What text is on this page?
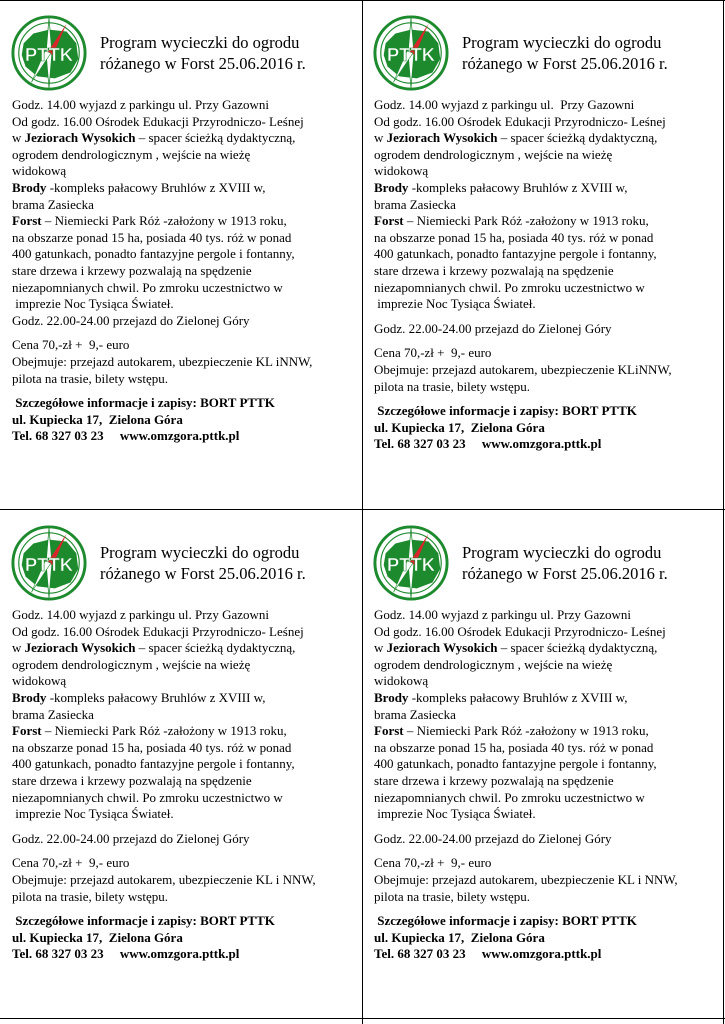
PTTK
Program wycieczki do ogrodu
różanego w Forst 25.06.2016 r.

Godz. 14.00 wyjazd z parkingu ul. Przy Gazowni

Od godz. 16.00 Ośrodek Edukacji Przyrodniczo- Leśnej

w Jeziorach Wysokich – spacer ścieżką dydaktyczną,

ogrodem dendrologicznym , wejście na wieżę

widokową

Brody -kompleks pałacowy Bruhlów z XVIII w,

brama Zasiecka

Forst – Niemiecki Park Róż -założony w 1913 roku,

na obszarze ponad 15 ha, posiada 40 tys. róż w ponad

400 gatunkach, ponadto fantazyjne pergole i fontanny,

stare drzewa i krzewy pozwalają na spędzenie

niezapomnianych chwil. Po zmroku uczestnictwo w

imprezie Noc Tysiąca Świateł.

Godz. 22.00-24.00 przejazd do Zielonej Góry

Cena 70,-zł +  9,- euro

Obejmuje: przejazd autokarem, ubezpieczenie KL iNNW,

pilota na trasie, bilety wstępu.

Szczegółowe informacje i zapisy: BORT PTTK

ul. Kupiecka 17,  Zielona Góra

Tel. 68 327 03 23     www.omzgora.pttk.pl

PTTK
Program wycieczki do ogrodu
różanego w Forst 25.06.2016 r.

Godz. 14.00 wyjazd z parkingu ul.  Przy Gazowni

Od godz. 16.00 Ośrodek Edukacji Przyrodniczo- Leśnej

w Jeziorach Wysokich – spacer ścieżką dydaktyczną,

ogrodem dendrologicznym , wejście na wieżę

widokową

Brody -kompleks pałacowy Bruhlów z XVIII w,

brama Zasiecka

Forst – Niemiecki Park Róż -założony w 1913 roku,

na obszarze ponad 15 ha, posiada 40 tys. róż w ponad

400 gatunkach, ponadto fantazyjne pergole i fontanny,

stare drzewa i krzewy pozwalają na spędzenie

niezapomnianych chwil. Po zmroku uczestnictwo w

imprezie Noc Tysiąca Świateł.

Godz. 22.00-24.00 przejazd do Zielonej Góry

Cena 70,-zł +  9,- euro

Obejmuje: przejazd autokarem, ubezpieczenie KLiNNW,

pilota na trasie, bilety wstępu.

Szczegółowe informacje i zapisy: BORT PTTK

ul. Kupiecka 17,  Zielona Góra

Tel. 68 327 03 23     www.omzgora.pttk.pl

PTTK
Program wycieczki do ogrodu
różanego w Forst 25.06.2016 r.

Godz. 14.00 wyjazd z parkingu ul. Przy Gazowni

Od godz. 16.00 Ośrodek Edukacji Przyrodniczo- Leśnej

w Jeziorach Wysokich – spacer ścieżką dydaktyczną,

ogrodem dendrologicznym , wejście na wieżę

widokową

Brody -kompleks pałacowy Bruhlów z XVIII w,

brama Zasiecka

Forst – Niemiecki Park Róż -założony w 1913 roku,

na obszarze ponad 15 ha, posiada 40 tys. róż w ponad

400 gatunkach, ponadto fantazyjne pergole i fontanny,

stare drzewa i krzewy pozwalają na spędzenie

niezapomnianych chwil. Po zmroku uczestnictwo w

imprezie Noc Tysiąca Świateł.

Godz. 22.00-24.00 przejazd do Zielonej Góry

Cena 70,-zł +  9,- euro

Obejmuje: przejazd autokarem, ubezpieczenie KL i NNW,

pilota na trasie, bilety wstępu.

Szczegółowe informacje i zapisy: BORT PTTK

ul. Kupiecka 17,  Zielona Góra

Tel. 68 327 03 23     www.omzgora.pttk.pl

PTTK
Program wycieczki do ogrodu
różanego w Forst 25.06.2016 r.

Godz. 14.00 wyjazd z parkingu ul. Przy Gazowni

Od godz. 16.00 Ośrodek Edukacji Przyrodniczo- Leśnej

w Jeziorach Wysokich – spacer ścieżką dydaktyczną,

ogrodem dendrologicznym , wejście na wieżę

widokową

Brody -kompleks pałacowy Bruhlów z XVIII w,

brama Zasiecka

Forst – Niemiecki Park Róż -założony w 1913 roku,

na obszarze ponad 15 ha, posiada 40 tys. róż w ponad

400 gatunkach, ponadto fantazyjne pergole i fontanny,

stare drzewa i krzewy pozwalają na spędzenie

niezapomnianych chwil. Po zmroku uczestnictwo w

imprezie Noc Tysiąca Świateł.

Godz. 22.00-24.00 przejazd do Zielonej Góry

Cena 70,-zł +  9,- euro

Obejmuje: przejazd autokarem, ubezpieczenie KL i NNW,

pilota na trasie, bilety wstępu.

Szczegółowe informacje i zapisy: BORT PTTK

ul. Kupiecka 17,  Zielona Góra

Tel. 68 327 03 23     www.omzgora.pttk.pl
